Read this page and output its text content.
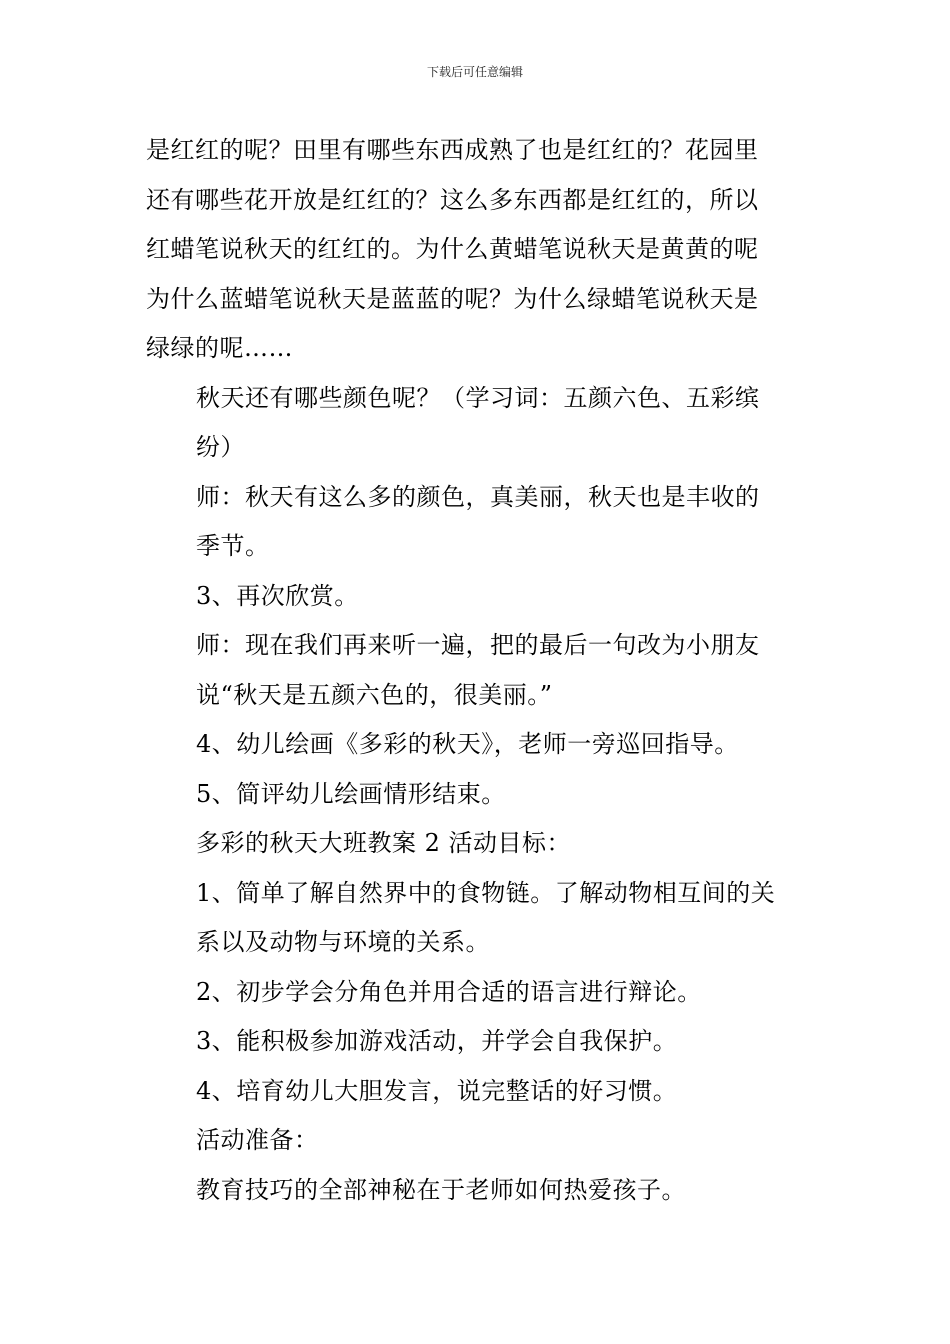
下载后可任意编辑

是红红的呢？田里有哪些东西成熟了也是红红的？花园里
还有哪些花开放是红红的？这么多东西都是红红的，所以
红蜡笔说秋天的红红的。为什么黄蜡笔说秋天是黄黄的呢
为什么蓝蜡笔说秋天是蓝蓝的呢？为什么绿蜡笔说秋天是
绿绿的呢……

秋天还有哪些颜色呢？（学习词：五颜六色、五彩缤
纷）

师：秋天有这么多的颜色，真美丽，秋天也是丰收的
季节。

3、再次欣赏。

师：现在我们再来听一遍，把的最后一句改为小朋友
说“秋天是五颜六色的，很美丽。”

4、幼儿绘画《多彩的秋天》，老师一旁巡回指导。

5、简评幼儿绘画情形结束。

多彩的秋天大班教案 2 活动目标：

1、简单了解自然界中的食物链。了解动物相互间的关
系以及动物与环境的关系。

2、初步学会分角色并用合适的语言进行辩论。

3、能积极参加游戏活动，并学会自我保护。

4、培育幼儿大胆发言，说完整话的好习惯。

活动准备：

教育技巧的全部神秘在于老师如何热爱孩子。
